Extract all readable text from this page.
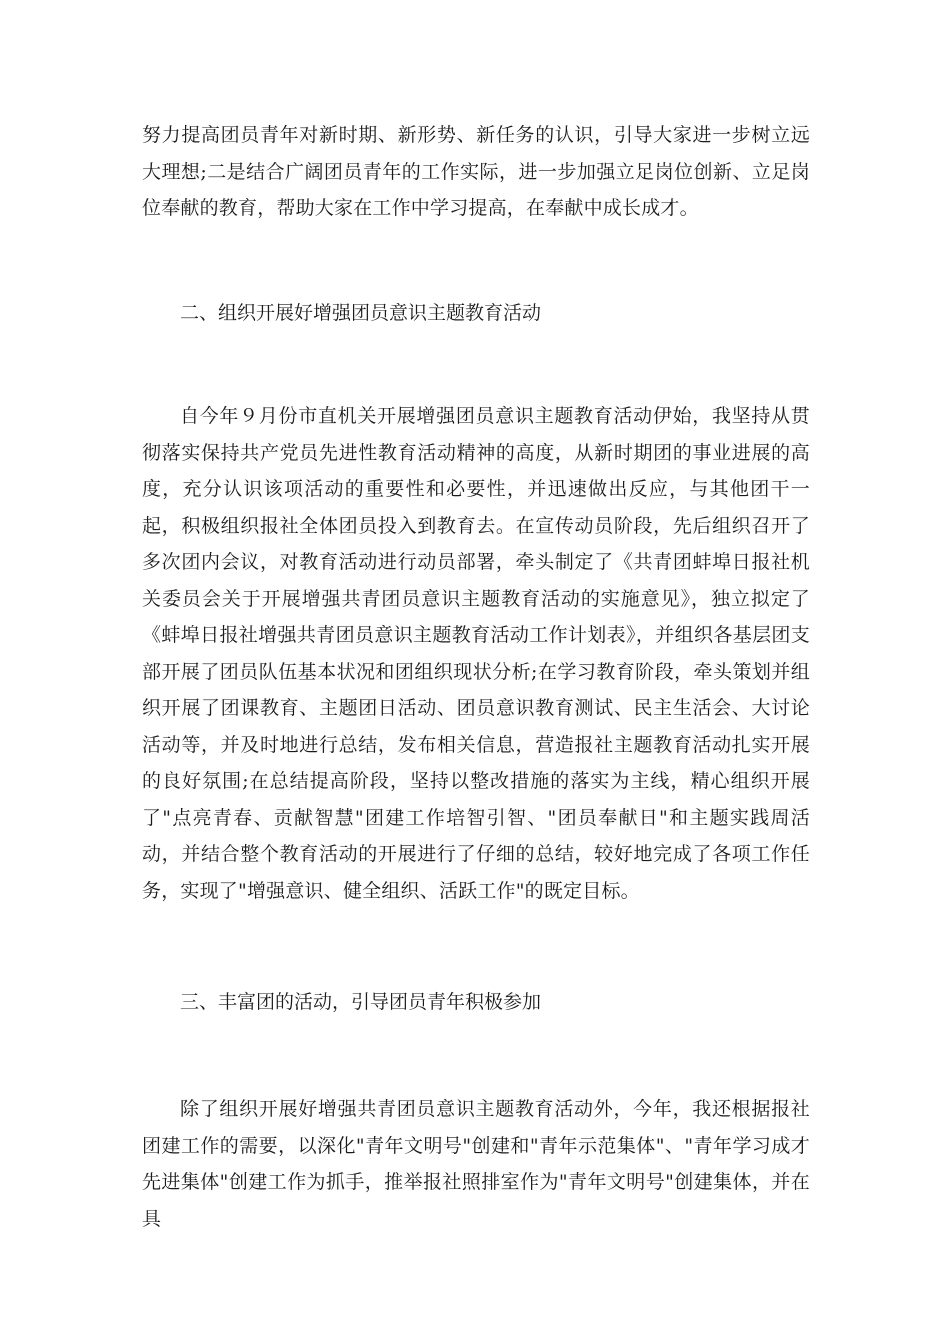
努力提高团员青年对新时期、新形势、新任务的认识，引导大家进一步树立远大理想;二是结合广阔团员青年的工作实际，进一步加强立足岗位创新、立足岗位奉献的教育，帮助大家在工作中学习提高，在奉献中成长成才。

二、组织开展好增强团员意识主题教育活动

自今年９月份市直机关开展增强团员意识主题教育活动伊始，我坚持从贯彻落实保持共产党员先进性教育活动精神的高度，从新时期团的事业进展的高度，充分认识该项活动的重要性和必要性，并迅速做出反应，与其他团干一起，积极组织报社全体团员投入到教育去。在宣传动员阶段，先后组织召开了多次团内会议，对教育活动进行动员部署，牵头制定了《共青团蚌埠日报社机关委员会关于开展增强共青团员意识主题教育活动的实施意见》，独立拟定了《蚌埠日报社增强共青团员意识主题教育活动工作计划表》，并组织各基层团支部开展了团员队伍基本状况和团组织现状分析;在学习教育阶段，牵头策划并组织开展了团课教育、主题团日活动、团员意识教育测试、民主生活会、大讨论活动等，并及时地进行总结，发布相关信息，营造报社主题教育活动扎实开展的良好氛围;在总结提高阶段，坚持以整改措施的落实为主线，精心组织开展了"点亮青春、贡献智慧"团建工作培智引智、"团员奉献日"和主题实践周活动，并结合整个教育活动的开展进行了仔细的总结，较好地完成了各项工作任务，实现了"增强意识、健全组织、活跃工作"的既定目标。

三、丰富团的活动，引导团员青年积极参加

除了组织开展好增强共青团员意识主题教育活动外，今年，我还根据报社团建工作的需要，以深化"青年文明号"创建和"青年示范集体"、"青年学习成才先进集体"创建工作为抓手，推举报社照排室作为"青年文明号"创建集体，并在具
